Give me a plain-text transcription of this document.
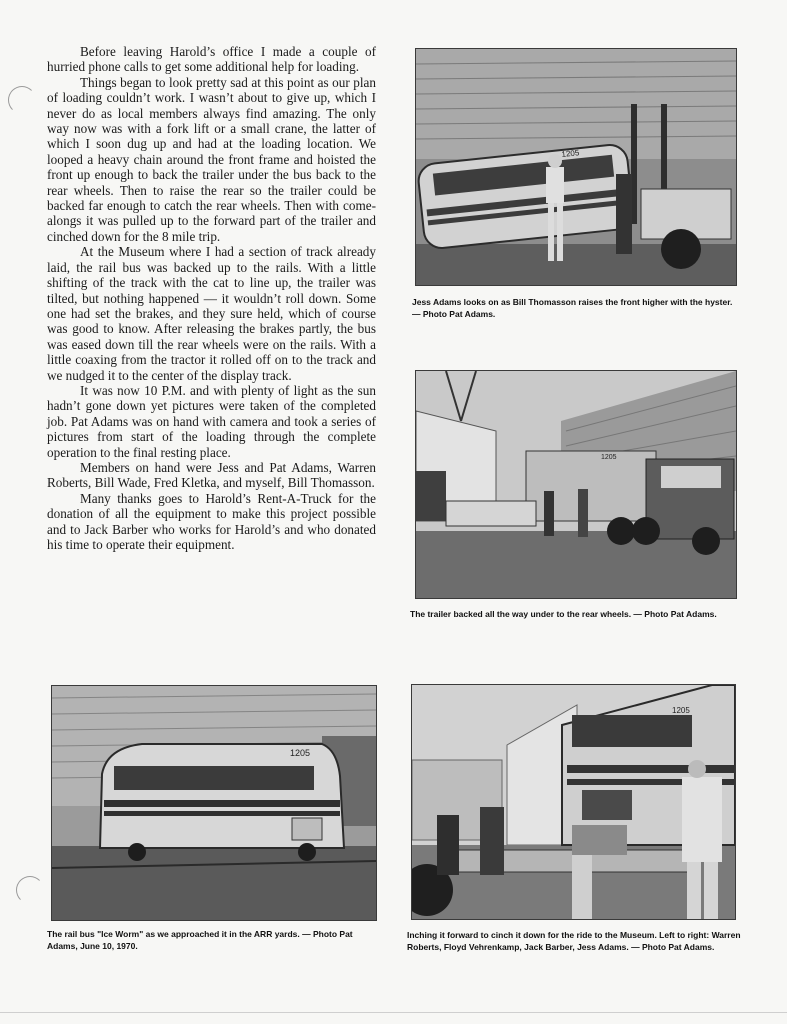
Before leaving Harold’s office I made a couple of hurried phone calls to get some additional help for loading.

Things began to look pretty sad at this point as our plan of loading couldn’t work. I wasn’t about to give up, which I never do as local members always find amazing. The only way now was with a fork lift or a small crane, the latter of which I soon dug up and had at the loading location. We looped a heavy chain around the front frame and hoisted the front up enough to back the trailer under the bus back to the rear wheels. Then to raise the rear so the trailer could be backed far enough to catch the rear wheels. Then with come-alongs it was pulled up to the forward part of the trailer and cinched down for the 8 mile trip.

At the Museum where I had a section of track already laid, the rail bus was backed up to the rails. With a little shifting of the track with the cat to line up, the trailer was tilted, but nothing happened — it wouldn’t roll down. Some one had set the brakes, and they sure held, which of course was good to know. After releasing the brakes partly, the bus was eased down till the rear wheels were on the rails. With a little coaxing from the tractor it rolled off on to the track and we nudged it to the center of the display track.

It was now 10 P.M. and with plenty of light as the sun hadn’t gone down yet pictures were taken of the completed job. Pat Adams was on hand with camera and took a series of pictures from start of the loading through the complete operation to the final resting place.

Members on hand were Jess and Pat Adams, Warren Roberts, Bill Wade, Fred Kletka, and myself, Bill Thomasson.

Many thanks goes to Harold’s Rent-A-Truck for the donation of all the equipment to make this project possible and to Jack Barber who works for Harold’s and who donated his time to operate their equipment.

1205
Jess Adams looks on as Bill Thomasson raises the front higher with the hyster. — Photo Pat Adams.
1205
The trailer backed all the way under to the rear wheels. — Photo Pat Adams.
1205
The rail bus "Ice Worm" as we approached it in the ARR yards. — Photo Pat Adams, June 10, 1970.
1205
Inching it forward to cinch it down for the ride to the Museum. Left to right: Warren Roberts, Floyd Vehrenkamp, Jack Barber, Jess Adams. — Photo Pat Adams.
